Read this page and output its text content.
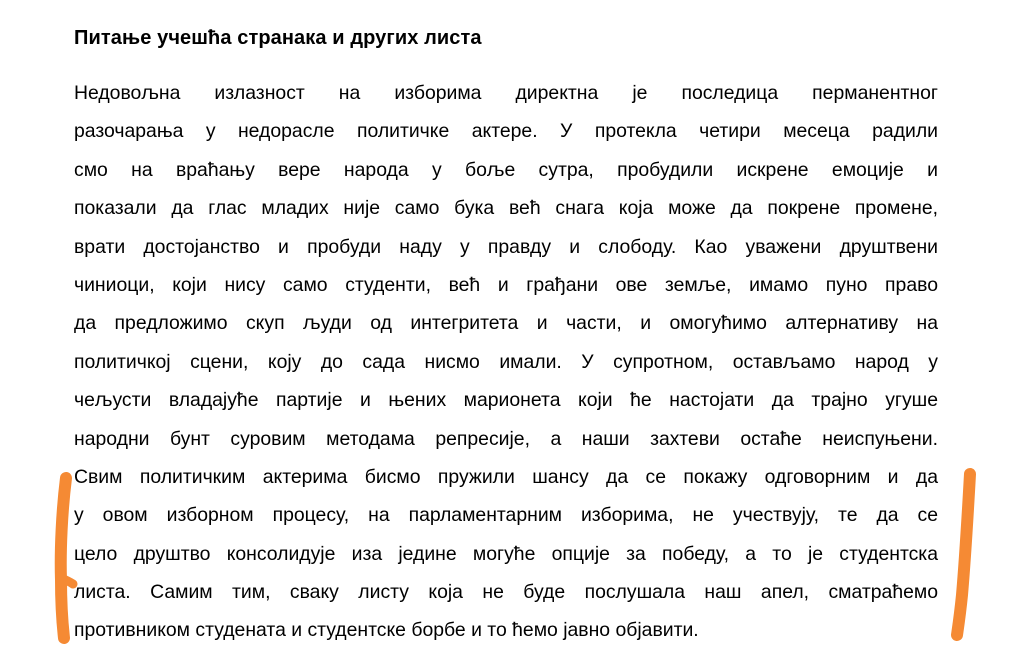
Питање учешћа странака и других листа
Недовољна излазност на изборима директна је последица перманентног
разочарања у недорасле политичке актере. У протекла четири месеца радили
смо на враћању вере народа у боље сутра, пробудили искрене емоције и
показали да глас младих није само бука већ снага која може да покрене промене,
врати достојанство и пробуди наду у правду и слободу. Као уважени друштвени
чиниоци, који нису само студенти, већ и грађани ове земље, имамо пуно право
да предложимо скуп људи од интегритета и части, и омогућимо алтернативу на
политичкој сцени, коју до сада нисмо имали. У супротном, остављамо народ у
чељусти владајуће партије и њених марионета који ће настојати да трајно угуше
народни бунт суровим методама репресије, а наши захтеви остаће неиспуњени.
Свим политичким актерима бисмо пружили шансу да се покажу одговорним и да
у овом изборном процесу, на парламентарним изборима, не учествују, те да се
цело друштво консолидује иза јединe могуће опције за победу, а то је студентска
листа. Самим тим, сваку листу која не буде послушала наш апел, сматраћемо
противником студената и студентске борбе и то ћемо јавно објавити.
